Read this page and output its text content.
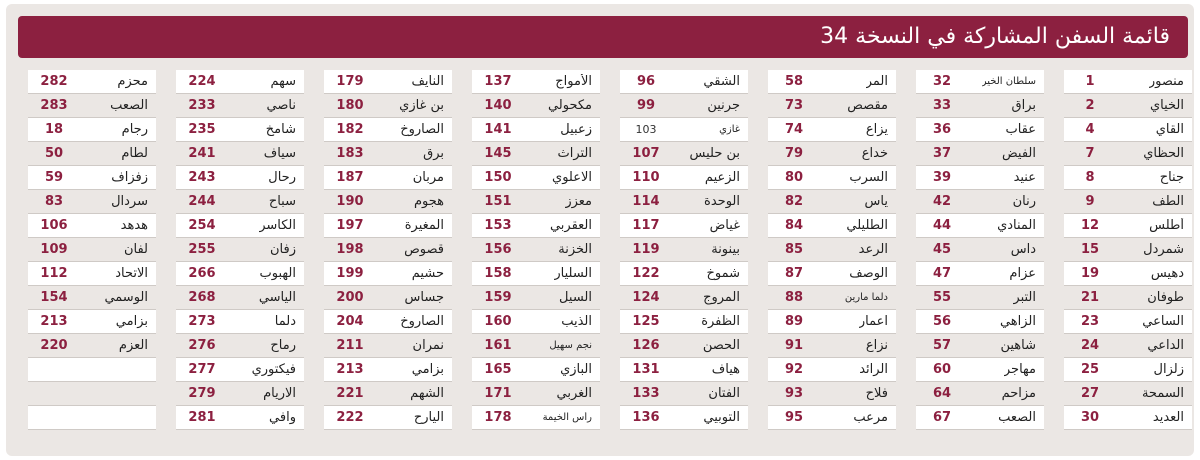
قائمة السفن المشاركة في النسخة 34
منصور
1
الخياي
2
القاي
4
الحظاي
7
جناح
8
الطف
9
أطلس
12
شمردل
15
دهيس
19
طوفان
21
الساعي
23
الداعي
24
زلزال
25
السمحة
27
العديد
30
سلطان الخير
32
براق
33
عقاب
36
الفيض
37
عنيد
39
رنان
42
المنادي
44
داس
45
عزام
47
التبر
55
الزاهي
56
شاهين
57
مهاجر
60
مزاحم
64
الصعب
67
المر
58
مقصص
73
يزاع
74
خداع
79
السرب
80
ياس
82
الطليلي
84
الرعد
85
الوصف
87
دلما مارين
88
اعمار
89
نزاع
91
الرائد
92
فلاح
93
مرعب
95
الشقي
96
جرنين
99
غازي
103
بن حليس
107
الزعيم
110
الوحدة
114
غياض
117
بينونة
119
شموخ
122
المروج
124
الظفرة
125
الحصن
126
هياف
131
الفتان
133
التوبيي
136
الأمواج
137
مكحولي
140
زعبيل
141
التراث
145
الاعلوي
150
معزز
151
العقربي
153
الخزنة
156
السليار
158
السيل
159
الذيب
160
نجم سهيل
161
البازي
165
الغربي
171
رأس الخيمة
178
النايف
179
بن غازي
180
الصاروخ
182
برق
183
مربان
187
هجوم
190
المغيرة
197
قصوص
198
حشيم
199
جساس
200
الصاروخ
204
نمران
211
بزامي
213
الشهم
221
اليارح
222
سهم
224
ناصي
233
شامخ
235
سياف
241
رحال
243
سباح
244
الكاسر
254
زفان
255
الهبوب
266
الياسي
268
دلما
273
رماح
276
فيكتوري
277
الاريام
279
وافي
281
محزم
282
الصعب
283
رجام
18
لطام
50
زفزاف
59
سردال
83
هدهد
106
لفان
109
الاتحاد
112
الوسمي
154
بزامي
213
العزم
220
